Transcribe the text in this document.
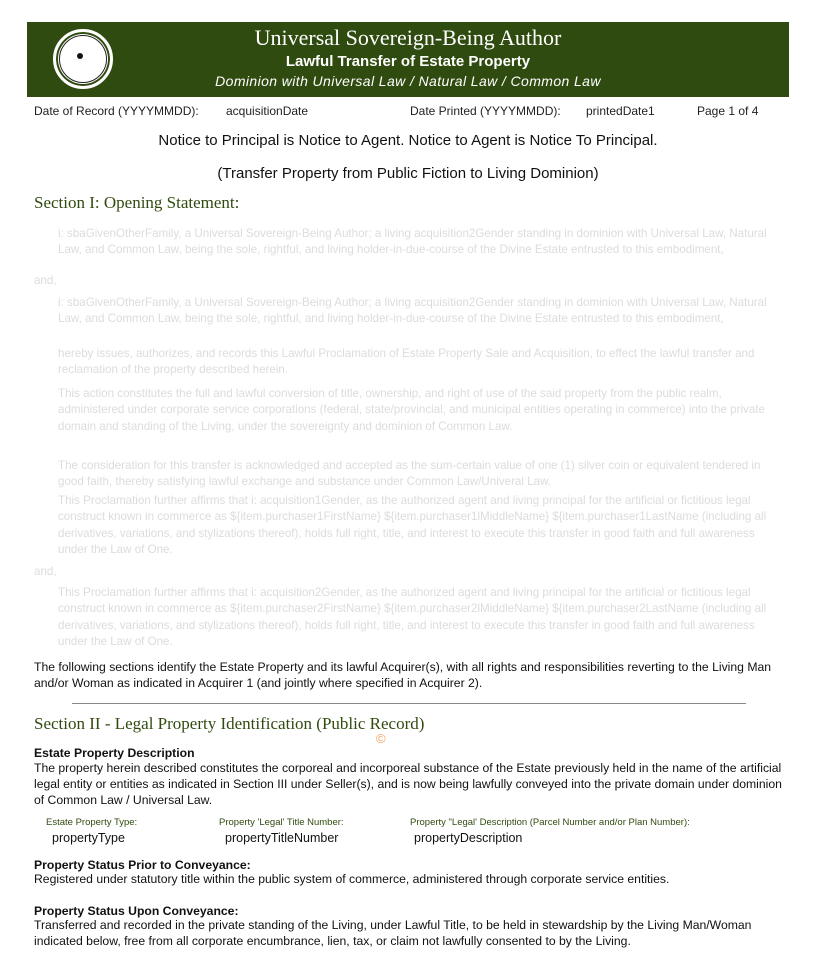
Universal Sovereign-Being Author
Lawful Transfer of Estate Property
Dominion with Universal Law / Natural Law / Common Law
Date of Record (YYYYMMDD): acquisitionDate	Date Printed (YYYYMMDD): printedDate1	Page 1 of 4
Notice to Principal is Notice to Agent. Notice to Agent is Notice To Principal.
(Transfer Property from Public Fiction to Living Dominion)
Section I: Opening Statement:
i: sbaGivenOtherFamily, a Universal Sovereign-Being Author; a living acquisition2Gender standing in dominion with Universal Law, Natural Law, and Common Law, being the sole, rightful, and living holder-in-due-course of the Divine Estate entrusted to this embodiment,
and,
i: sbaGivenOtherFamily, a Universal Sovereign-Being Author; a living acquisition2Gender standing in dominion with Universal Law, Natural Law, and Common Law, being the sole, rightful, and living holder-in-due-course of the Divine Estate entrusted to this embodiment,
hereby issues, authorizes, and records this Lawful Proclamation of Estate Property Sale and Acquisition, to effect the lawful transfer and reclamation of the property described herein.
This action constitutes the full and lawful conversion of title, ownership, and right of use of the said property from the public realm, administered under corporate service corporations (federal, state/provincial, and municipal entities operating in commerce) into the private domain and standing of the Living, under the sovereignty and dominion of Common Law.
The consideration for this transfer is acknowledged and accepted as the sum-certain value of one (1) silver coin or equivalent tendered in good faith, thereby satisfying lawful exchange and substance under Common Law/Univeral Law.
This Proclamation further affirms that i: acquisition1Gender, as the authorized agent and living principal for the artificial or fictitious legal construct known in commerce as ${item.purchaser1FirstName} ${item.purchaser1lMiddleName} ${item.purchaser1LastName (including all derivatives, variations, and stylizations thereof), holds full right, title, and interest to execute this transfer in good faith and full awareness under the Law of One.
and,
This Proclamation further affirms that i: acquisition2Gender, as the authorized agent and living principal for the artificial or fictitious legal construct known in commerce as ${item.purchaser2FirstName} ${item.purchaser2lMiddleName} ${item.purchaser2LastName (including all derivatives, variations, and stylizations thereof), holds full right, title, and interest to execute this transfer in good faith and full awareness under the Law of One.
The following sections identify the Estate Property and its lawful Acquirer(s), with all rights and responsibilities reverting to the Living Man and/or Woman as indicated in Acquirer 1 (and jointly where specified in Acquirer 2).
Section II - Legal Property Identification (Public Record)
©
Estate Property Description
The property herein described constitutes the corporeal and incorporeal substance of the Estate previously held in the name of the artificial legal entity or entities as indicated in Section III under Seller(s), and is now being lawfully conveyed into the private domain under dominion of Common Law / Universal Law.
Estate Property Type:
propertyType
Property 'Legal' Title Number:
propertyTitleNumber
Property "Legal' Description (Parcel Number and/or Plan Number):
propertyDescription
Property Status Prior to Conveyance:
Registered under statutory title within the public system of commerce, administered through corporate service entities.
Property Status Upon Conveyance:
Transferred and recorded in the private standing of the Living, under Lawful Title, to be held in stewardship by the Living Man/Woman indicated below, free from all corporate encumbrance, lien, tax, or claim not lawfully consented to by the Living.
